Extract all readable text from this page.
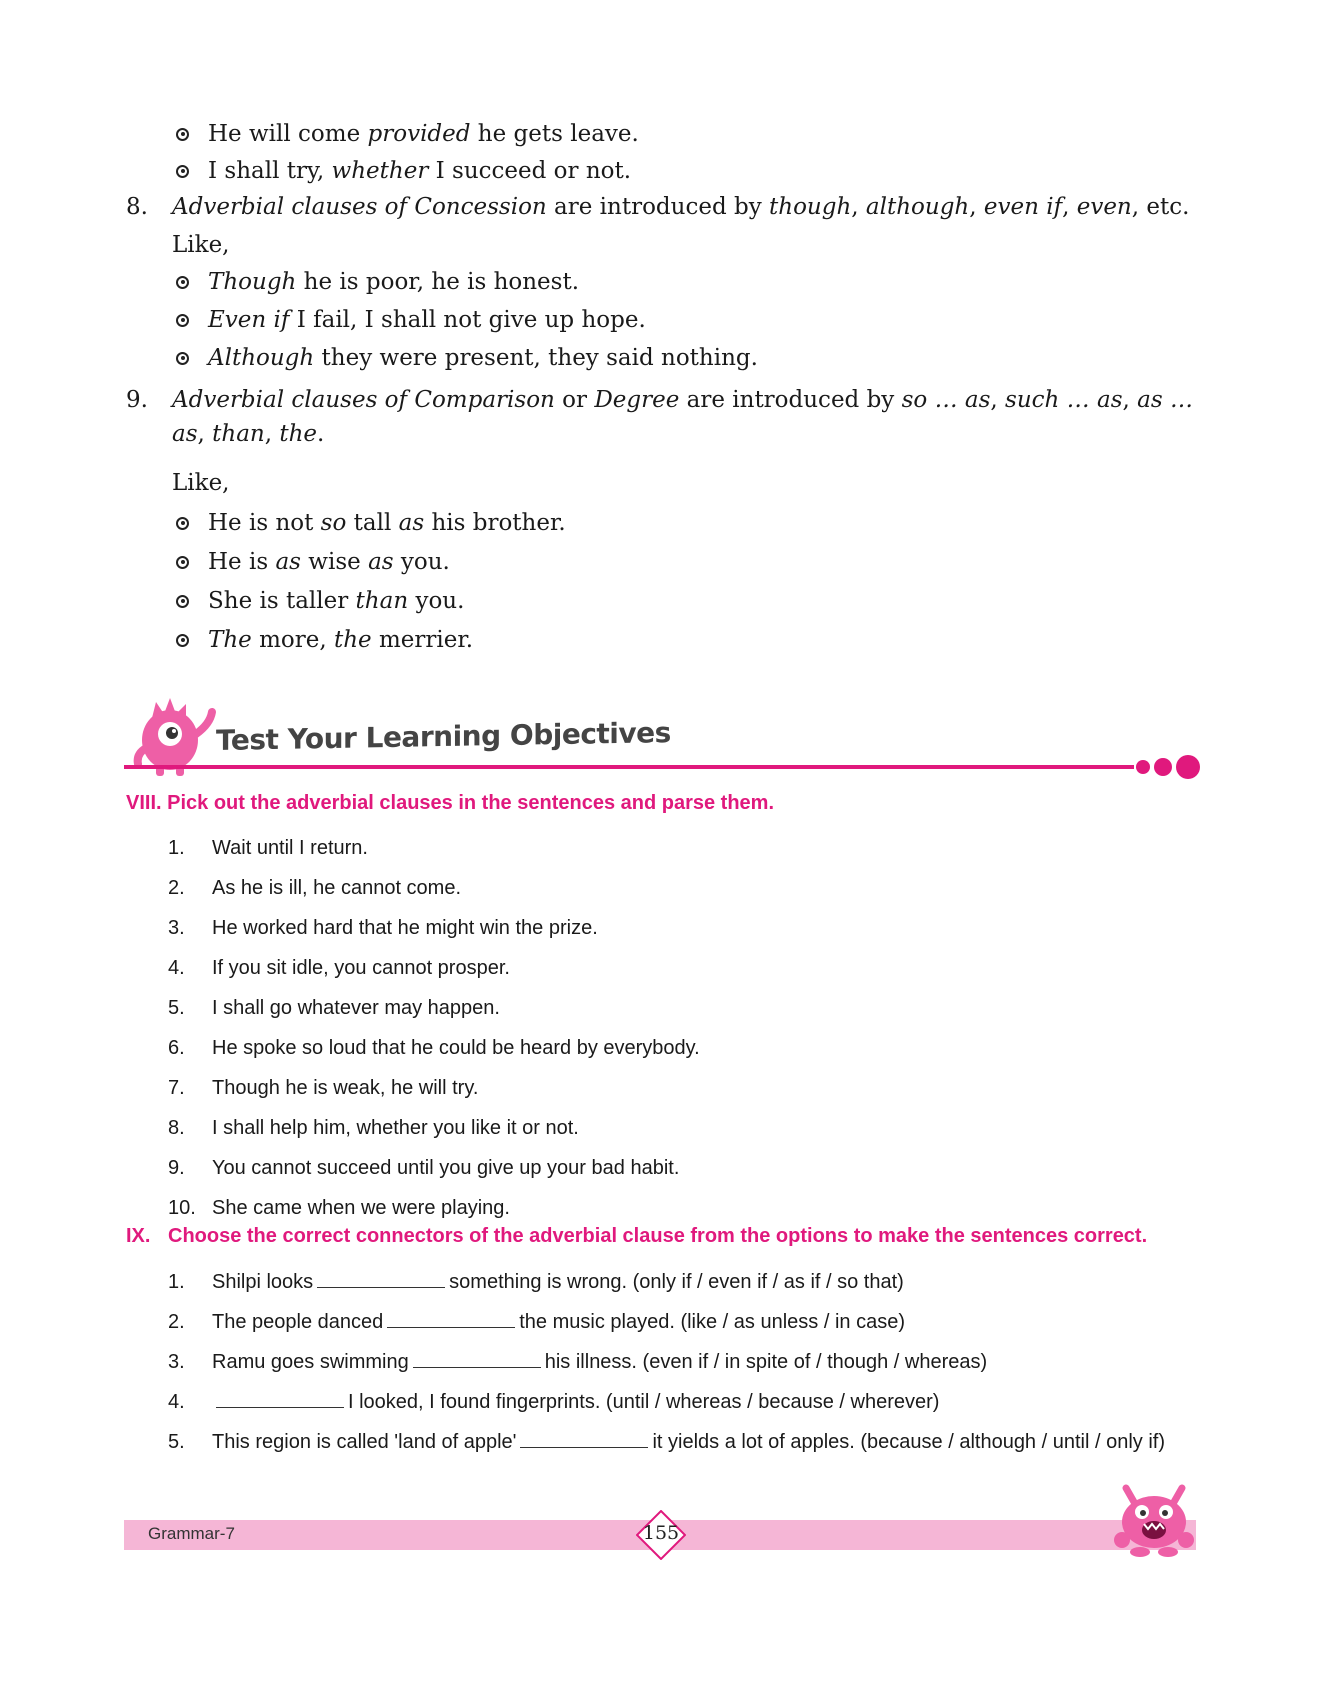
He will come provided he gets leave.
I shall try, whether I succeed or not.
8. Adverbial clauses of Concession are introduced by though, although, even if, even, etc.
Like,
Though he is poor, he is honest.
Even if I fail, I shall not give up hope.
Although they were present, they said nothing.
9. Adverbial clauses of Comparison or Degree are introduced by so … as, such … as, as … as, than, the.
Like,
He is not so tall as his brother.
He is as wise as you.
She is taller than you.
The more, the merrier.
Test Your Learning Objectives
VIII. Pick out the adverbial clauses in the sentences and parse them.
1. Wait until I return.
2. As he is ill, he cannot come.
3. He worked hard that he might win the prize.
4. If you sit idle, you cannot prosper.
5. I shall go whatever may happen.
6. He spoke so loud that he could be heard by everybody.
7. Though he is weak, he will try.
8. I shall help him, whether you like it or not.
9. You cannot succeed until you give up your bad habit.
10. She came when we were playing.
IX. Choose the correct connectors of the adverbial clause from the options to make the sentences correct.
1. Shilpi looks	something is wrong. (only if / even if / as if / so that)
2. The people danced	the music played. (like / as unless / in case)
3. Ramu goes swimming	his illness. (even if / in spite of / though / whereas)
4.	I looked, I found fingerprints. (until / whereas / because / wherever)
5. This region is called 'land of apple'	it yields a lot of apples. (because / although / until / only if)
Grammar-7	155
